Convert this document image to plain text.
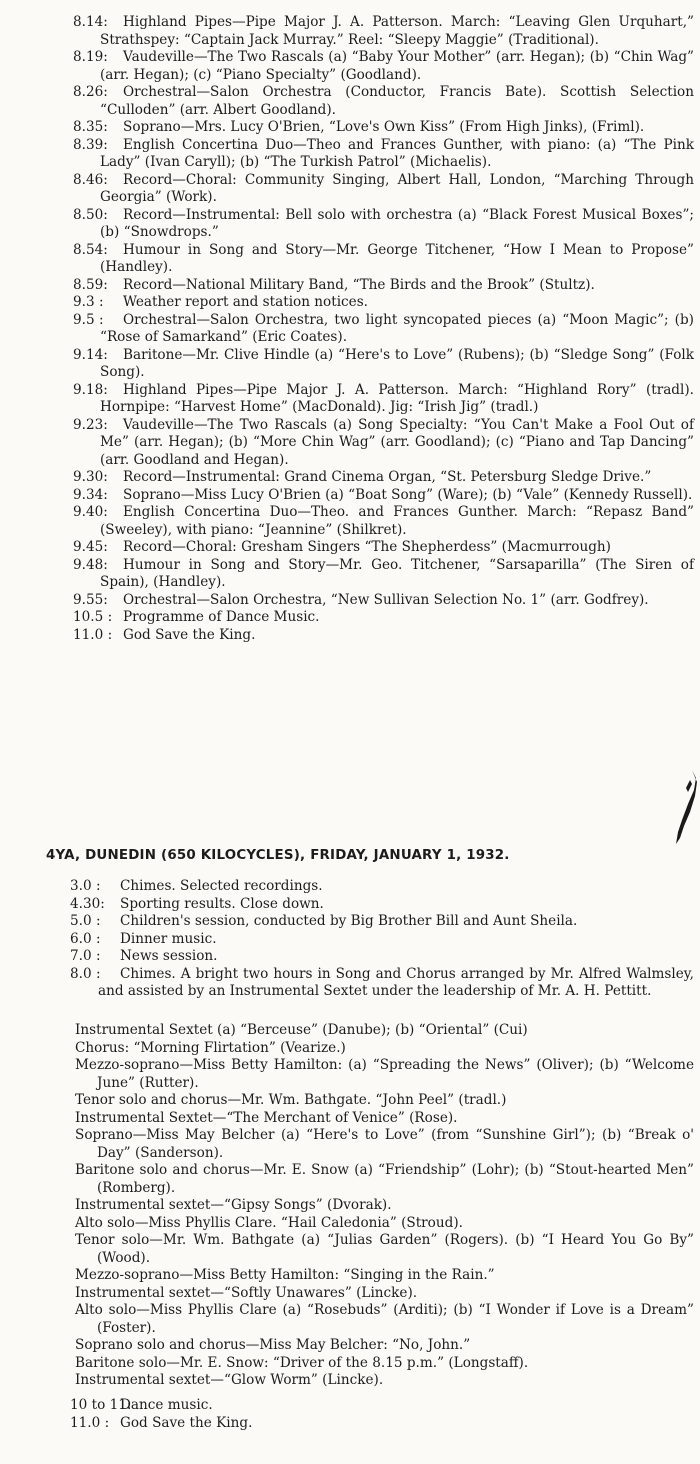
8.14: Highland Pipes—Pipe Major J. A. Patterson. March: “Leaving Glen Urquhart,” Strathspey: “Captain Jack Murray.” Reel: “Sleepy Maggie” (Traditional).
8.19: Vaudeville—The Two Rascals (a) “Baby Your Mother” (arr. Hegan); (b) “Chin Wag” (arr. Hegan); (c) “Piano Specialty” (Goodland).
8.26: Orchestral—Salon Orchestra (Conductor, Francis Bate). Scottish Selection “Culloden” (arr. Albert Goodland).
8.35: Soprano—Mrs. Lucy O'Brien, “Love's Own Kiss” (From High Jinks), (Friml).
8.39: English Concertina Duo—Theo and Frances Gunther, with piano: (a) “The Pink Lady” (Ivan Caryll); (b) “The Turkish Patrol” (Michaelis).
8.46: Record—Choral: Community Singing, Albert Hall, London, “Marching Through Georgia” (Work).
8.50: Record—Instrumental: Bell solo with orchestra (a) “Black Forest Musical Boxes”; (b) “Snowdrops.”
8.54: Humour in Song and Story—Mr. George Titchener, “How I Mean to Propose” (Handley).
8.59: Record—National Military Band, “The Birds and the Brook” (Stultz).
9.3 : Weather report and station notices.
9.5 : Orchestral—Salon Orchestra, two light syncopated pieces (a) “Moon Magic”; (b) “Rose of Samarkand” (Eric Coates).
9.14: Baritone—Mr. Clive Hindle (a) “Here's to Love” (Rubens); (b) “Sledge Song” (Folk Song).
9.18: Highland Pipes—Pipe Major J. A. Patterson. March: “Highland Rory” (tradl). Hornpipe: “Harvest Home” (MacDonald). Jig: “Irish Jig” (tradl.)
9.23: Vaudeville—The Two Rascals (a) Song Specialty: “You Can't Make a Fool Out of Me” (arr. Hegan); (b) “More Chin Wag” (arr. Goodland); (c) “Piano and Tap Dancing” (arr. Goodland and Hegan).
9.30: Record—Instrumental: Grand Cinema Organ, “St. Petersburg Sledge Drive.”
9.34: Soprano—Miss Lucy O'Brien (a) “Boat Song” (Ware); (b) “Vale” (Kennedy Russell).
9.40: English Concertina Duo—Theo. and Frances Gunther. March: “Repasz Band” (Sweeley), with piano: “Jeannine” (Shilkret).
9.45: Record—Choral: Gresham Singers “The Shepherdess” (Macmurrough)
9.48: Humour in Song and Story—Mr. Geo. Titchener, “Sarsaparilla” (The Siren of Spain), (Handley).
9.55: Orchestral—Salon Orchestra, “New Sullivan Selection No. 1” (arr. Godfrey).
10.5 : Programme of Dance Music.
11.0 : God Save the King.
4YA, DUNEDIN (650 KILOCYCLES), FRIDAY, JANUARY 1, 1932.
3.0 : Chimes. Selected recordings.
4.30: Sporting results. Close down.
5.0 : Children's session, conducted by Big Brother Bill and Aunt Sheila.
6.0 : Dinner music.
7.0 : News session.
8.0 : Chimes. A bright two hours in Song and Chorus arranged by Mr. Alfred Walmsley, and assisted by an Instrumental Sextet under the leadership of Mr. A. H. Pettitt.
Instrumental Sextet (a) “Berceuse” (Danube); (b) “Oriental” (Cui)
Chorus: “Morning Flirtation” (Vearize.)
Mezzo-soprano—Miss Betty Hamilton: (a) “Spreading the News” (Oliver); (b) “Welcome June” (Rutter).
Tenor solo and chorus—Mr. Wm. Bathgate. “John Peel” (tradl.)
Instrumental Sextet—“The Merchant of Venice” (Rose).
Soprano—Miss May Belcher (a) “Here's to Love” (from “Sunshine Girl”); (b) “Break o' Day” (Sanderson).
Baritone solo and chorus—Mr. E. Snow (a) “Friendship” (Lohr); (b) “Stout-hearted Men” (Romberg).
Instrumental sextet—“Gipsy Songs” (Dvorak).
Alto solo—Miss Phyllis Clare. “Hail Caledonia” (Stroud).
Tenor solo—Mr. Wm. Bathgate (a) “Julias Garden” (Rogers). (b) “I Heard You Go By” (Wood).
Mezzo-soprano—Miss Betty Hamilton: “Singing in the Rain.”
Instrumental sextet—“Softly Unawares” (Lincke).
Alto solo—Miss Phyllis Clare (a) “Rosebuds” (Arditi); (b) “I Wonder if Love is a Dream” (Foster).
Soprano solo and chorus—Miss May Belcher: “No, John.”
Baritone solo—Mr. E. Snow: “Driver of the 8.15 p.m.” (Longstaff).
Instrumental sextet—“Glow Worm” (Lincke).
10 to 11:Dance music.
11.0 : God Save the King.
